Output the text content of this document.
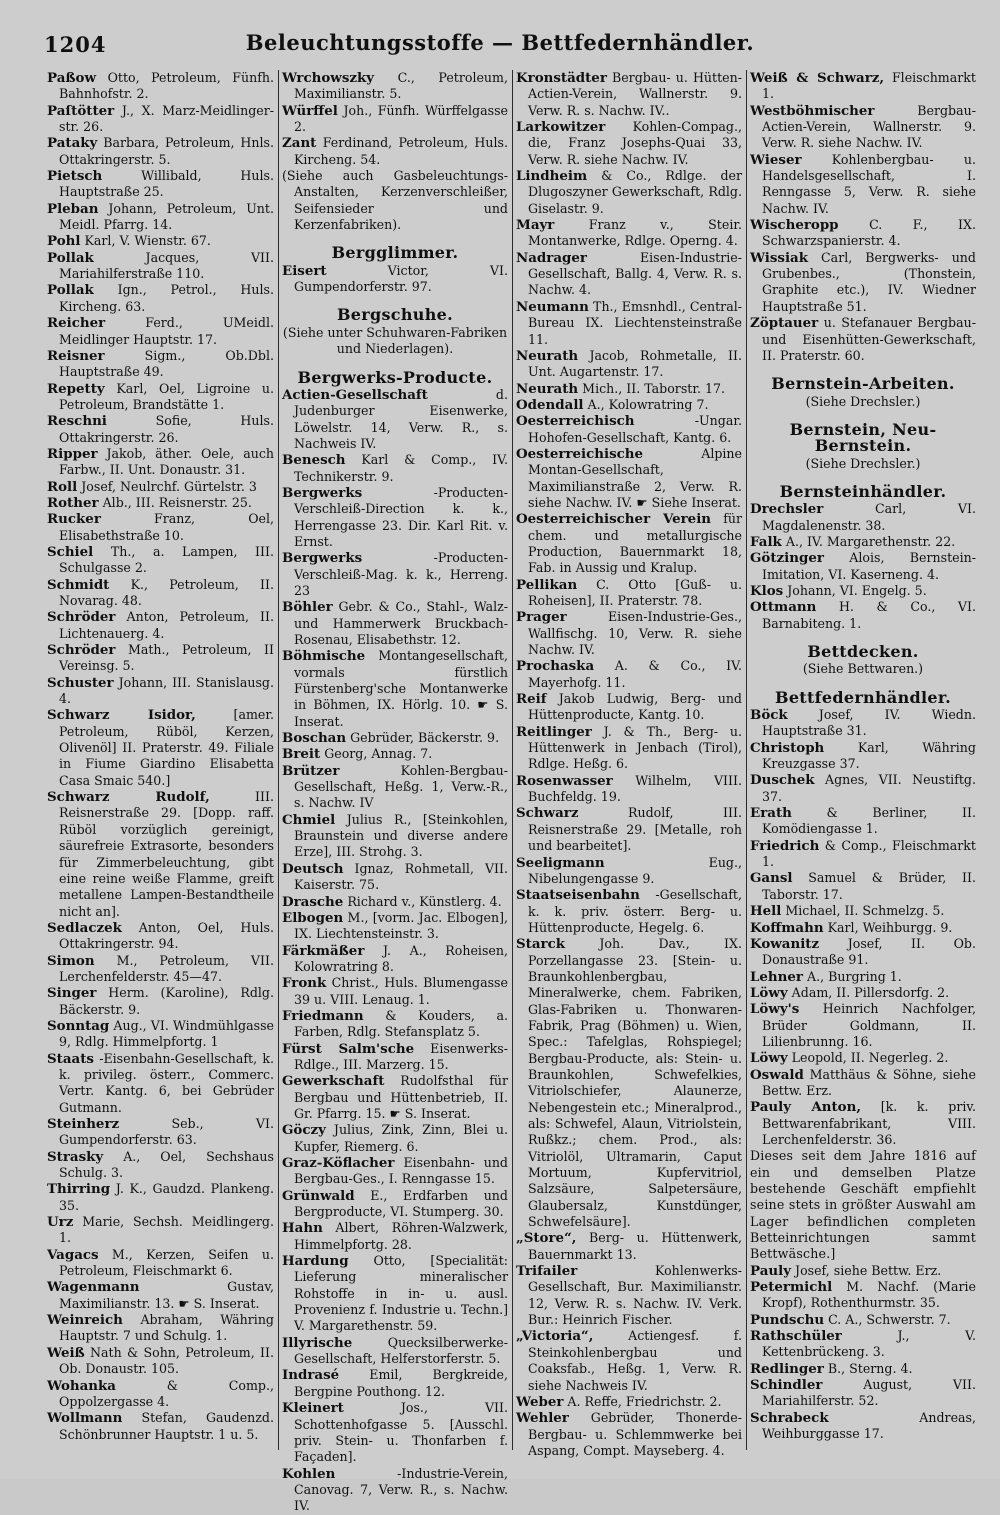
1204	Beleuchtungsstoffe — Bettfedernhändler.
Paßow Otto, Petroleum, Fünfh. Bahnhofstr. 2.
Paſtötter J., X. Marz-Meidlinger-str. 26.
Pataky Barbara, Petroleum, Hnls. Ottakringerstr. 5.
Pietsch	Willibald, Huls. Hauptstraße 25.
Pleban Johann, Petroleum, Unt. Meidl. Pfarrg. 14.
Pohl Karl, V. Wienstr. 67.
Pollak	Jacques, VII. Mariahilferstraße 110.
Pollak Ign., Petrol., Huls. Kircheng. 63.
Reicher	Ferd., UMeidl. Meidlinger Hauptstr. 17.
Reisner	Sigm., Ob.Dbl. Hauptstraße 49.
Repetty Karl, Oel, Ligroine u. Petroleum, Brandstätte 1.
Reschni	Sofie, Huls. Ottakringerstr. 26.
Ripper Jakob, äther. Oele, auch Farbw., II. Unt. Donaustr. 31.
Roll Josef, Neulrchf. Gürtelstr. 3
Rother Alb., III. Reisnerstr. 25.
Rucker	Franz, Oel, Elisabethstraße 10.
Schiel Th., a. Lampen, III. Schulgasse 2.
Schmidt K., Petroleum, II. Novarag. 48.
Schröder Anton, Petroleum, II. Lichtenauerg. 4.
Schröder Math., Petroleum, II Vereinsg. 5.
Schuster Johann, III. Stanislausg. 4.
Schwarz Isidor,	[amer. Petroleum, Rüböl, Kerzen, Olivenöl] II. Praterstr. 49. Filiale in Fiume Giardino Elisabetta Casa Smaic 540.]
Schwarz Rudolf,	III. Reisnerstraße 29. [Dopp. raff. Rüböl vorzüglich gereinigt, säurefreie Extrasorte, besonders für Zimmerbeleuchtung, gibt eine reine weiße Flamme, greift metallene Lampen-Bestandtheile nicht an].
Sedlaczek Anton, Oel, Huls. Ottakringerstr. 94.
Simon M., Petroleum, VII. Lerchenfelderstr. 45—47.
Singer Herm. (Karoline), Rdlg. Bäckerstr. 9.
Sonntag Aug., VI. Windmühlgasse 9, Rdlg. Himmelpfortg. 1
Staats -Eisenbahn-Gesellschaft, k. k. privileg. österr., Commerc. Vertr. Kantg. 6, bei Gebrüder Gutmann.
Steinherz	Seb., VI. Gumpendorferstr. 63.
Strasky A., Oel, Sechshaus Schulg. 3.
Thirring J. K., Gaudzd. Plankeng. 35.
Urz Marie, Sechsh. Meidlingerg. 1.
Vagacs M., Kerzen, Seifen u. Petroleum, Fleischmarkt 6.
Wagenmann	Gustav, Maximilianstr. 13. ☛ S. Inserat.
Weinreich Abraham, Währing Hauptstr. 7 und Schulg. 1.
Weiß Nath & Sohn, Petroleum, II. Ob. Donaustr. 105.
Wohanka	& Comp., Oppolzergasse 4.
Wollmann Stefan, Gaudenzd. Schönbrunner Hauptstr. 1 u. 5.
Wrchowszky C., Petroleum, Maximilianstr. 5.
Würffel Joh., Fünfh. Würffelgasse 2.
Zant Ferdinand, Petroleum, Huls. Kircheng. 54.
(Siehe auch Gasbeleuchtungs-Anstalten, Kerzenverschleißer, Seifensieder und Kerzenfabriken).
Bergglimmer.
Eisert	Victor, VI. Gumpendorferstr. 97.
Bergschuhe.
(Siehe unter Schuhwaren-Fabriken und Niederlagen).
Bergwerks-Producte.
Actien-Gesellschaft	d. Judenburger Eisenwerke, Löwelstr. 14, Verw. R., s. Nachweis IV.
Benesch Karl & Comp., IV. Technikerstr. 9.
Bergwerks	-Producten-Verschleiß-Direction k. k., Herrengasse 23. Dir. Karl Rit. v. Ernst.
Bergwerks	-Producten-Verschleiß-Mag. k. k., Herreng. 23
Böhler Gebr. & Co., Stahl-, Walz- und Hammerwerk Bruckbach-Rosenau, Elisabethstr. 12.
Böhmische Montangesellschaft, vormals fürstlich Fürstenberg'sche Montanwerke in Böhmen, IX. Hörlg. 10. ☛ S. Inserat.
Boschan Gebrüder, Bäckerstr. 9.
Breit Georg, Annag. 7.
Brützer	Kohlen-Bergbau-Gesellschaft, Heßg. 1, Verw.-R., s. Nachw. IV
Chmiel Julius R., [Steinkohlen, Braunstein und diverse andere Erze], III. Strohg. 3.
Deutsch Ignaz, Rohmetall, VII. Kaiserstr. 75.
Drasche Richard v., Künstlerg. 4.
Elbogen M., [vorm. Jac. Elbogen], IX. Liechtensteinstr. 3.
Färkmäßer J. A., Roheisen, Kolowratring 8.
Fronk Christ., Huls. Blumengasse 39 u. VIII. Lenaug. 1.
Friedmann & Kouders, a. Farben, Rdlg. Stefansplatz 5.
Fürst Salm'sche Eisenwerks-Rdlge., III. Marzerg. 15.
Gewerkschaft Rudolfsthal für Bergbau und Hüttenbetrieb, II. Gr. Pfarrg. 15. ☛ S. Inserat.
Göczy Julius, Zink, Zinn, Blei u. Kupfer, Riemerg. 6.
Graz-Köflacher Eisenbahn- und Bergbau-Ges., I. Renngasse 15.
Grünwald E., Erdfarben und Bergproducte, VI. Stumperg. 30.
Hahn Albert, Röhren-Walzwerk, Himmelpfortg. 28.
Hardung Otto, [Specialität: Lieferung mineralischer Rohstoffe in in- u. ausl. Provenienz f. Industrie u. Techn.] V. Margarethenstr. 59.
Illyrische	Quecksilberwerke-Gesellschaft, Helferstorferstr. 5.
Indrasé Emil, Bergkreide, Bergpine Pouthong. 12.
Kleinert	Jos., VII. Schottenhofgasse 5. [Ausschl. priv. Stein- u. Thonfarben f. Façaden].
Kohlen	-Industrie-Verein, Canovag. 7, Verw. R., s. Nachw. IV.
Kronstädter Bergbau- u. Hütten-Actien-Verein, Wallnerstr. 9. Verw. R. s. Nachw. IV..
Larkowitzer Kohlen-Compag., die, Franz Josephs-Quai 33, Verw. R. siehe Nachw. IV.
Lindheim & Co., Rdlge. der Dlugoszyner Gewerkschaft, Rdlg. Giselastr. 9.
Mayr	Franz v., Steir. Montanwerke, Rdlge. Operng. 4.
Nadrager	Eisen-Industrie-Gesellschaft, Ballg. 4, Verw. R. s. Nachw. 4.
Neumann Th., Emsnhdl., Central-Bureau IX. Liechtensteinstraße 11.
Neurath Jacob, Rohmetalle, II. Unt. Augartenstr. 17.
Neurath Mich., II. Taborstr. 17.
Odendall A., Kolowratring 7.
Oesterreichisch	-Ungar. Hohofen-Gesellschaft, Kantg. 6.
Oesterreichische	Alpine Montan-Gesellschaft, Maximilianstraße 2, Verw. R. siehe Nachw. IV. ☛ Siehe Inserat.
Oesterreichischer Verein für chem. und metallurgische Production, Bauernmarkt 18, Fab. in Aussig und Kralup.
Pellikan C. Otto [Guß- u. Roheisen], II. Praterstr. 78.
Prager	Eisen-Industrie-Ges., Wallfischg. 10, Verw. R. siehe Nachw. IV.
Prochaska A. & Co., IV. Mayerhofg. 11.
Reif Jakob Ludwig, Berg- und Hüttenproducte, Kantg. 10.
Reitlinger J. & Th., Berg- u. Hüttenwerk in Jenbach (Tirol), Rdlge. Heßg. 6.
Rosenwasser Wilhelm, VIII. Buchfeldg. 19.
Schwarz	Rudolf, III. Reisnerstraße 29. [Metalle, roh und bearbeitet].
Seeligmann	Eug., Nibelungengasse 9.
Staatseisenbahn -Gesellschaft, k. k. priv. österr. Berg- u. Hüttenproducte, Hegelg. 6.
Starck	Joh. Dav., IX. Porzellangasse 23. [Stein- u. Braunkohlenbergbau, Mineralwerke, chem. Fabriken, Glas-Fabriken u. Thonwaren-Fabrik, Prag (Böhmen) u. Wien, Spec.: Tafelglas, Rohspiegel; Bergbau-Producte, als: Stein- u. Braunkohlen, Schwefelkies, Vitriolschiefer, Alaunerze, Nebengestein etc.; Mineralprod., als: Schwefel, Alaun, Vitriolstein, Rußkz.; chem. Prod., als: Vitriolöl, Ultramarin, Caput Mortuum, Kupfervitriol, Salzsäure, Salpetersäure, Glaubersalz, Kunstdünger, Schwefelsäure].
„Store“, Berg- u. Hüttenwerk, Bauernmarkt 13.
Trifailer	Kohlenwerks-Gesellschaft, Bur. Maximilianstr. 12, Verw. R. s. Nachw. IV. Verk. Bur.: Heinrich Fischer.
„Victoria“,	Actiengesf. f. Steinkohlenbergbau und Coaksfab., Heßg. 1, Verw. R. siehe Nachweis IV.
Weber A. Reffe, Friedrichstr. 2.
Wehler Gebrüder, Thonerde-Bergbau- u. Schlemmwerke bei Aspang, Compt. Mayseberg. 4.
Weiß & Schwarz, Fleischmarkt 1.
Westböhmischer	Bergbau-Actien-Verein, Wallnerstr. 9. Verw. R. siehe Nachw. IV.
Wieser Kohlenbergbau- u. Handelsgesellschaft, I. Renngasse 5, Verw. R. siehe Nachw. IV.
Wischeropp C. F., IX. Schwarzspanierstr. 4.
Wissiak Carl, Bergwerks- und Grubenbes., (Thonstein, Graphite etc.), IV. Wiedner Hauptstraße 51.
Zöptauer u. Stefanauer Bergbau- und Eisenhütten-Gewerkschaft, II. Praterstr. 60.
Bernstein-Arbeiten.
(Siehe Drechsler.)
Bernstein, Neu-Bernstein.
(Siehe Drechsler.)
Bernsteinhändler.
Drechsler	Carl, VI. Magdalenenstr. 38.
Falk A., IV. Margarethenstr. 22.
Götzinger Alois, Bernstein-Imitation, VI. Kaserneng. 4.
Klos Johann, VI. Engelg. 5.
Ottmann H. & Co., VI. Barnabiteng. 1.
Bettdecken.
(Siehe Bettwaren.)
Bettfedernhändler.
Böck Josef, IV. Wiedn. Hauptstraße 31.
Christoph	Karl, Währing Kreuzgasse 37.
Duschek Agnes, VII. Neustiftg. 37.
Erath	& Berliner, II. Komödiengasse 1.
Friedrich & Comp., Fleischmarkt 1.
Gansl Samuel & Brüder, II. Taborstr. 17.
Hell Michael, II. Schmelzg. 5.
Koffmahn Karl, Weihburgg. 9.
Kowanitz Josef, II. Ob. Donaustraße 91.
Lehner A., Burgring 1.
Löwy Adam, II. Pillersdorfg. 2.
Löwy's Heinrich Nachfolger, Brüder Goldmann, II. Lilienbrunng. 16.
Löwy Leopold, II. Negerleg. 2.
Oswald Matthäus & Söhne, siehe Bettw. Erz.
Pauly Anton, [k. k. priv. Bettwarenfabrikant, VIII. Lerchenfelderstr. 36.
Dieses seit dem Jahre 1816 auf ein und demselben Platze bestehende Geschäft empfiehlt seine stets in größter Auswahl am Lager befindlichen completen Betteinrichtungen sammt Bettwäsche.]
Pauly Josef, siehe Bettw. Erz.
Petermichl M. Nachf. (Marie Kropf), Rothenthurmstr. 35.
Pundschu C. A., Schwerstr. 7.
Rathschüler	J., V. Kettenbrückeng. 3.
Redlinger B., Sterng. 4.
Schindler	August, VII. Mariahilferstr. 52.
Schrabeck	Andreas, Weihburggasse 17.
